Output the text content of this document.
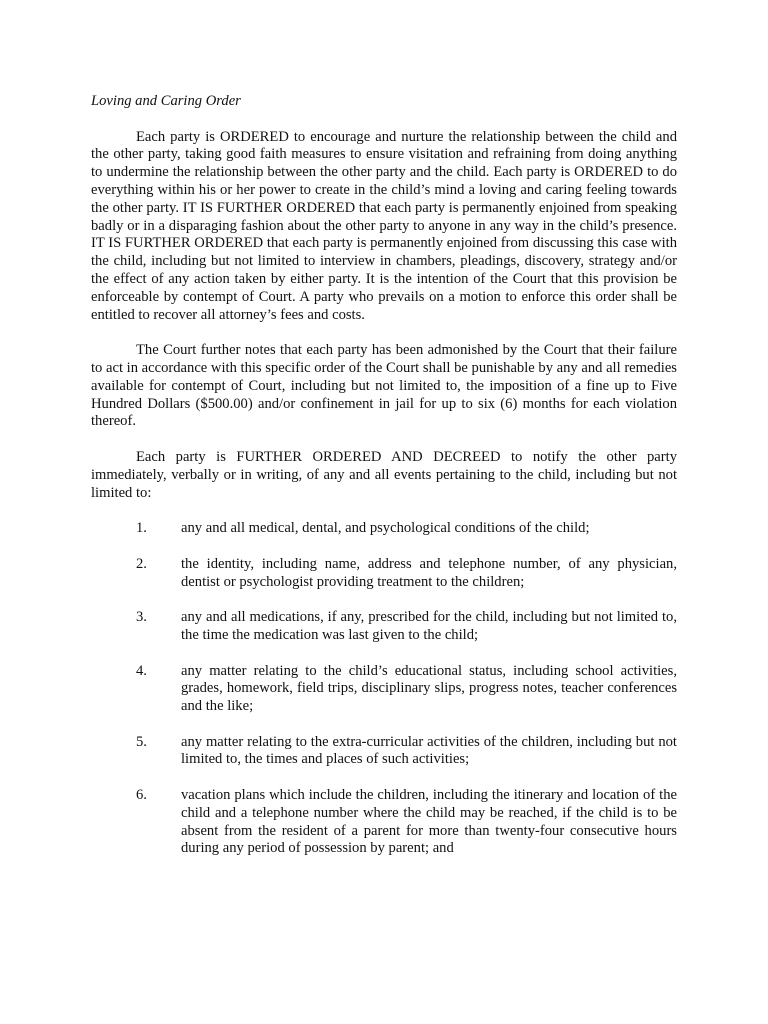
Loving and Caring Order

Each party is ORDERED to encourage and nurture the relationship between the child and the other party, taking good faith measures to ensure visitation and refraining from doing anything to undermine the relationship between the other party and the child. Each party is ORDERED to do everything within his or her power to create in the child’s mind a loving and caring feeling towards the other party. IT IS FURTHER ORDERED that each party is permanently enjoined from speaking badly or in a disparaging fashion about the other party to anyone in any way in the child’s presence. IT IS FURTHER ORDERED that each party is permanently enjoined from discussing this case with the child, including but not limited to interview in chambers, pleadings, discovery, strategy and/or the effect of any action taken by either party. It is the intention of the Court that this provision be enforceable by contempt of Court. A party who prevails on a motion to enforce this order shall be entitled to recover all attorney’s fees and costs.

The Court further notes that each party has been admonished by the Court that their failure to act in accordance with this specific order of the Court shall be punishable by any and all remedies available for contempt of Court, including but not limited to, the imposition of a fine up to Five Hundred Dollars ($500.00) and/or confinement in jail for up to six (6) months for each violation thereof.

Each party is FURTHER ORDERED AND DECREED to notify the other party immediately, verbally or in writing, of any and all events pertaining to the child, including but not limited to:

1. any and all medical, dental, and psychological conditions of the child;
2. the identity, including name, address and telephone number, of any physician, dentist or psychologist providing treatment to the children;
3. any and all medications, if any, prescribed for the child, including but not limited to, the time the medication was last given to the child;
4. any matter relating to the child’s educational status, including school activities, grades, homework, field trips, disciplinary slips, progress notes, teacher conferences and the like;
5. any matter relating to the extra-curricular activities of the children, including but not limited to, the times and places of such activities;
6. vacation plans which include the children, including the itinerary and location of the child and a telephone number where the child may be reached, if the child is to be absent from the resident of a parent for more than twenty-four consecutive hours during any period of possession by parent; and
